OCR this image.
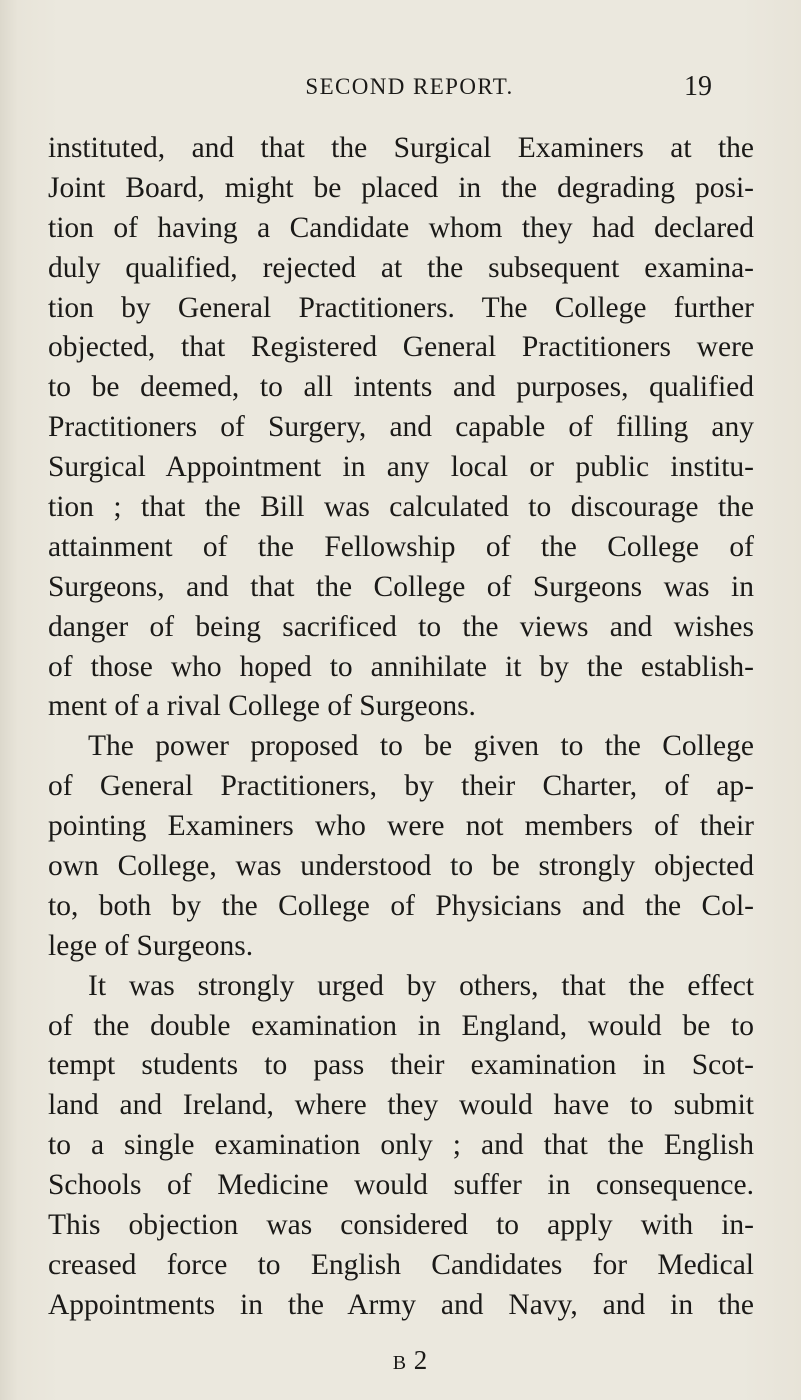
SECOND REPORT.	19
instituted, and that the Surgical Examiners at the
Joint Board, might be placed in the degrading posi-
tion of having a Candidate whom they had declared
duly qualified, rejected at the subsequent examina-
tion by General Practitioners. The College further
objected, that Registered General Practitioners were
to be deemed, to all intents and purposes, qualified
Practitioners of Surgery, and capable of filling any
Surgical Appointment in any local or public institu-
tion ; that the Bill was calculated to discourage the
attainment of the Fellowship of the College of
Surgeons, and that the College of Surgeons was in
danger of being sacrificed to the views and wishes
of those who hoped to annihilate it by the establish-
ment of a rival College of Surgeons.
The power proposed to be given to the College
of General Practitioners, by their Charter, of ap-
pointing Examiners who were not members of their
own College, was understood to be strongly objected
to, both by the College of Physicians and the Col-
lege of Surgeons.
It was strongly urged by others, that the effect
of the double examination in England, would be to
tempt students to pass their examination in Scot-
land and Ireland, where they would have to submit
to a single examination only ; and that the English
Schools of Medicine would suffer in consequence.
This objection was considered to apply with in-
creased force to English Candidates for Medical
Appointments in the Army and Navy, and in the
B 2
